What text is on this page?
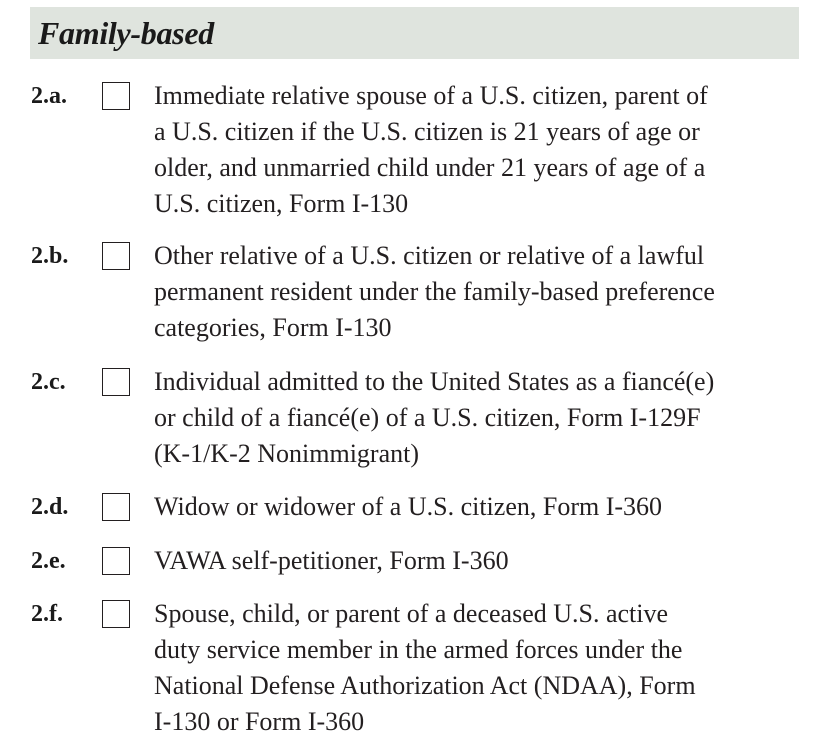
Family-based
2.a.	Immediate relative spouse of a U.S. citizen, parent of
a U.S. citizen if the U.S. citizen is 21 years of age or
older, and unmarried child under 21 years of age of a
U.S. citizen, Form I-130
2.b.	Other relative of a U.S. citizen or relative of a lawful
permanent resident under the family-based preference
categories, Form I-130
2.c.	Individual admitted to the United States as a fiancé(e)
or child of a fiancé(e) of a U.S. citizen, Form I-129F
(K-1/K-2 Nonimmigrant)
2.d.	Widow or widower of a U.S. citizen, Form I-360
2.e.	VAWA self-petitioner, Form I-360
2.f.	Spouse, child, or parent of a deceased U.S. active
duty service member in the armed forces under the
National Defense Authorization Act (NDAA), Form
I-130 or Form I-360
